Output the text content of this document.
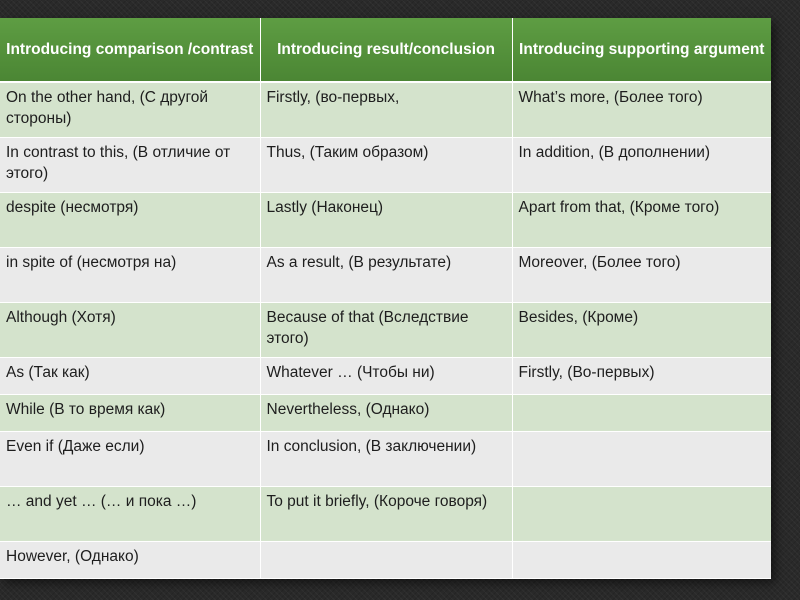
Introducing comparison /contrast	Introducing result/conclusion	Introducing supporting argument
On the other hand, (С другой стороны)	Firstly, (во-первых,	What’s more, (Более того)
In contrast to this, (В отличие от этого)	Thus, (Таким образом)	In addition, (В дополнении)
despite (несмотря)	Lastly (Наконец)	Apart from that, (Кроме того)
in spite of (несмотря на)	As a result, (В результате)	Moreover, (Более того)
Although (Хотя)	Because of that (Вследствие этого)	Besides, (Кроме)
As (Так как)	Whatever … (Чтобы ни)	Firstly, (Во-первых)
While (В то время как)	Nevertheless, (Однако)	
Even if (Даже если)	In conclusion, (В заключении)	
… and yet … (… и пока …)	To put it briefly, (Короче говоря)	
However, (Однако)		
